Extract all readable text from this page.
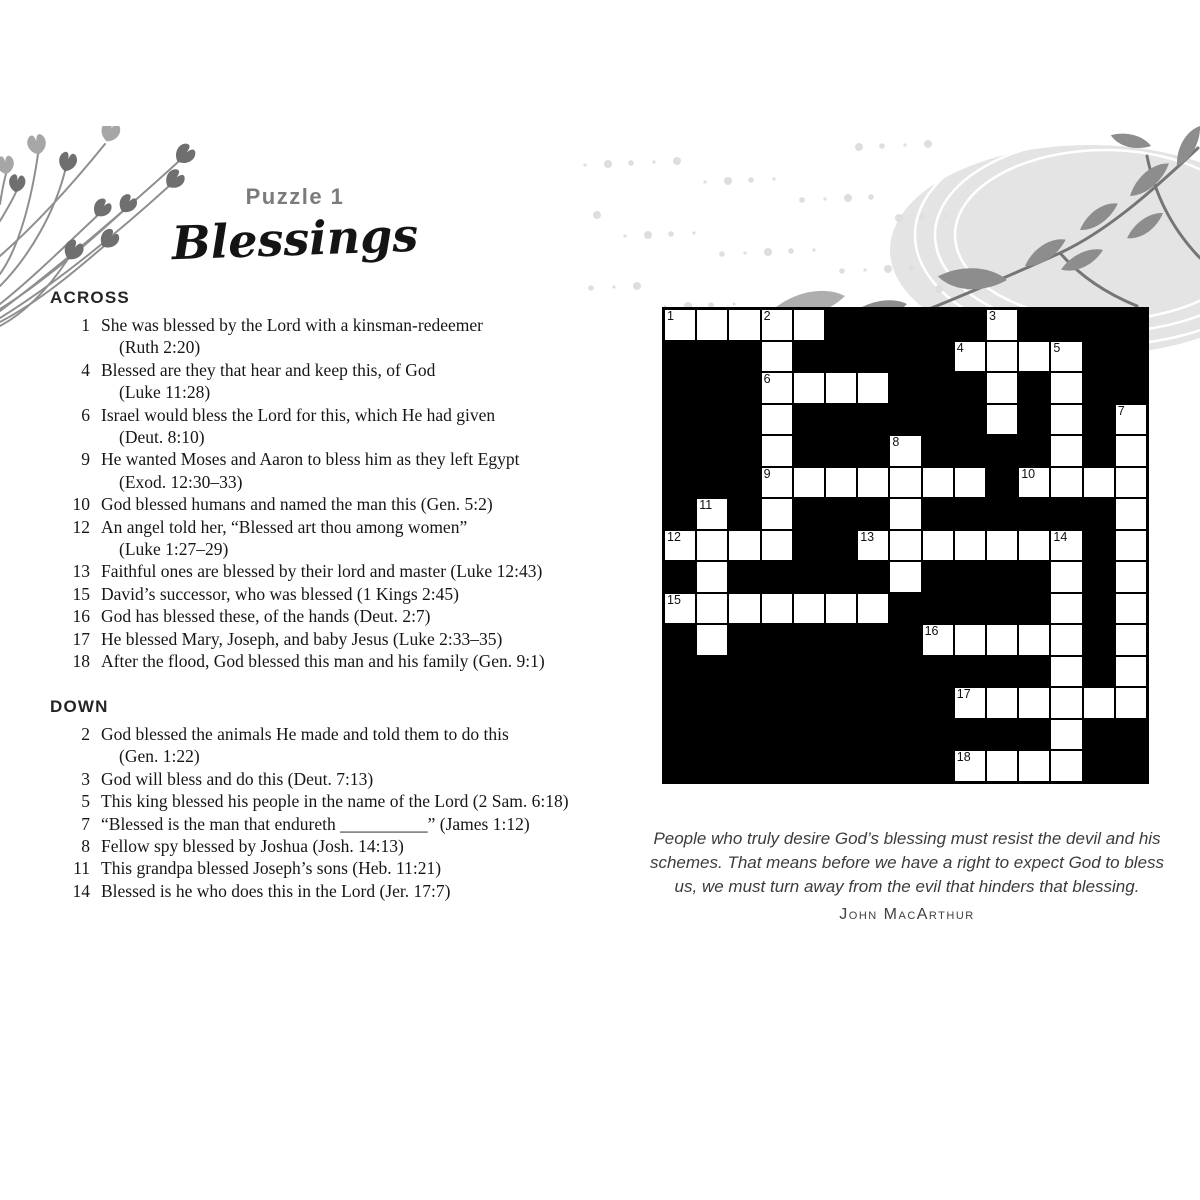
Puzzle 1
Blessings
ACROSS
1 She was blessed by the Lord with a kinsman-redeemer
(Ruth 2:20)
4 Blessed are they that hear and keep this, of God
(Luke 11:28)
6 Israel would bless the Lord for this, which He had given
(Deut. 8:10)
9 He wanted Moses and Aaron to bless him as they left Egypt
(Exod. 12:30–33)
10 God blessed humans and named the man this (Gen. 5:2)
12 An angel told her, “Blessed art thou among women”
(Luke 1:27–29)
13 Faithful ones are blessed by their lord and master (Luke 12:43)
15 David’s successor, who was blessed (1 Kings 2:45)
16 God has blessed these, of the hands (Deut. 2:7)
17 He blessed Mary, Joseph, and baby Jesus (Luke 2:33–35)
18 After the flood, God blessed this man and his family (Gen. 9:1)
DOWN
2 God blessed the animals He made and told them to do this
(Gen. 1:22)
3 God will bless and do this (Deut. 7:13)
5 This king blessed his people in the name of the Lord (2 Sam. 6:18)
7 “Blessed is the man that endureth __________” (James 1:12)
8 Fellow spy blessed by Joshua (Josh. 14:13)
11 This grandpa blessed Joseph’s sons (Heb. 11:21)
14 Blessed is he who does this in the Lord (Jer. 17:7)
1	2	3
4	5
6
7
8
9	10
11
12	13	14
15
16
17
18
People who truly desire God’s blessing must resist the devil and his
schemes. That means before we have a right to expect God to bless
us, we must turn away from the evil that hinders that blessing.
John MacArthur
